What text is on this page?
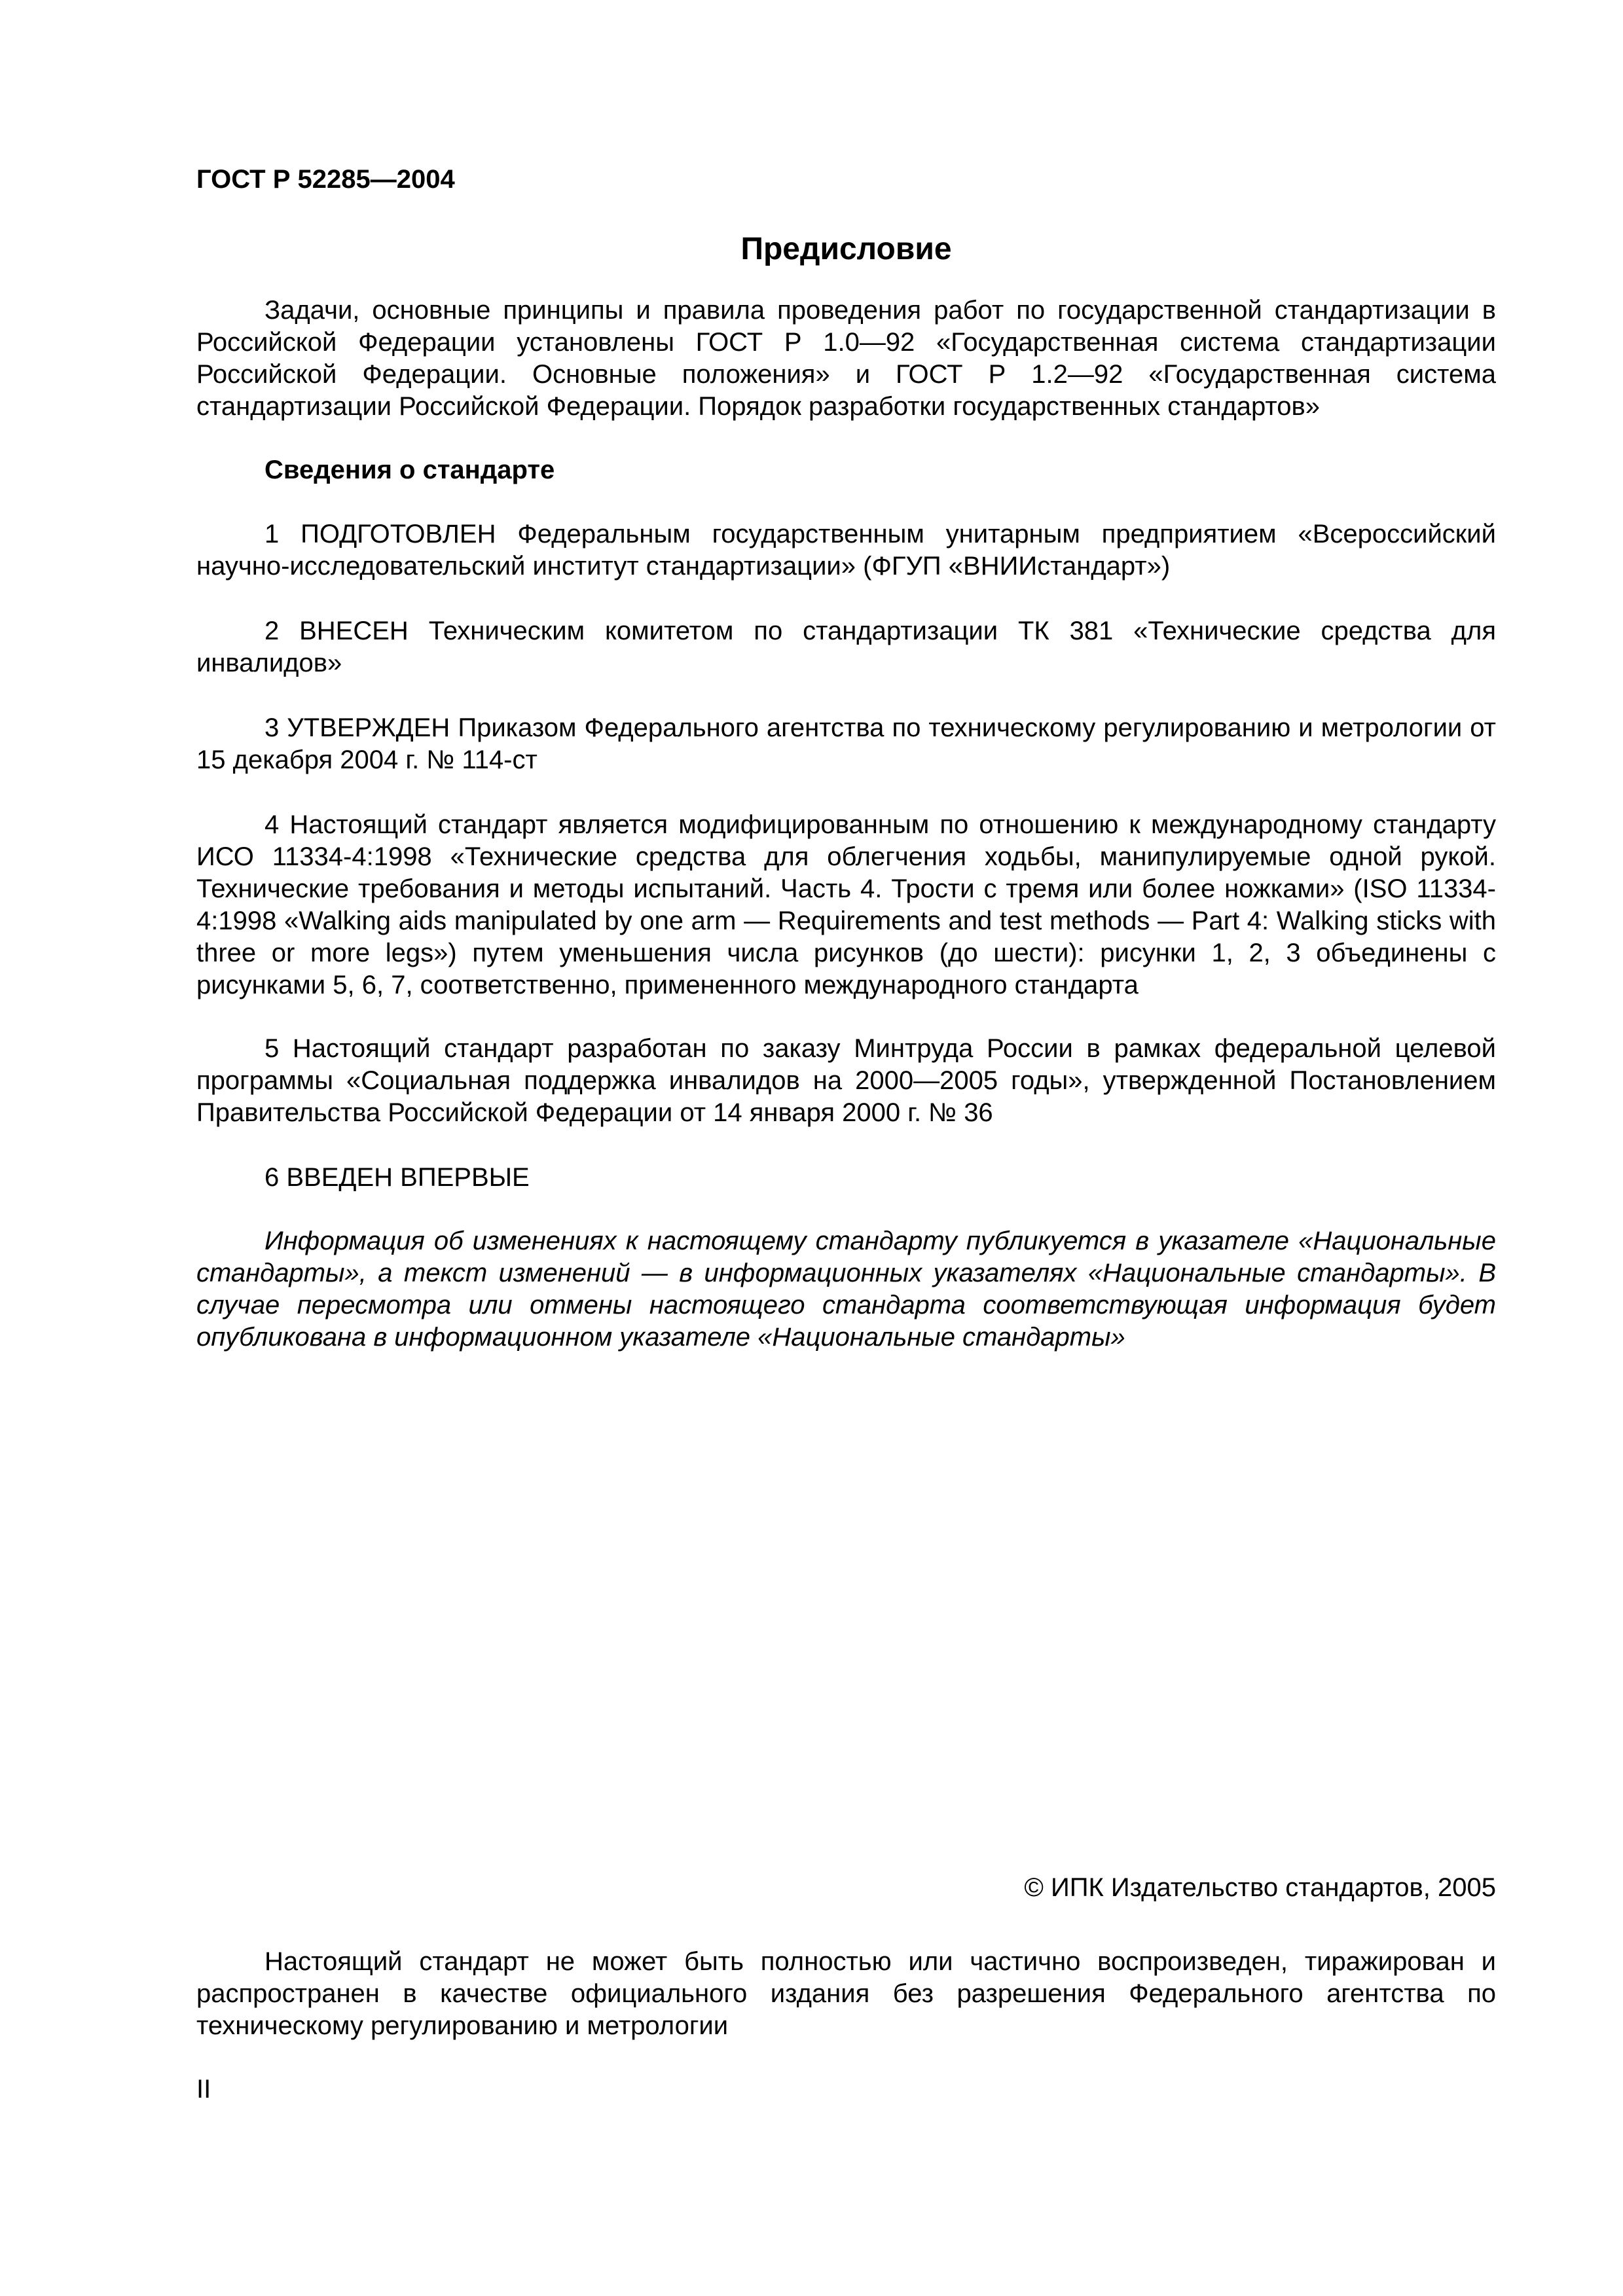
ГОСТ Р 52285—2004
Предисловие

Задачи, основные принципы и правила проведения работ по государственной стандартизации в Российской Федерации установлены ГОСТ Р 1.0—92 «Государственная система стандартизации Российской Федерации. Основные положения» и ГОСТ Р 1.2—92 «Государственная система стандартизации Российской Федерации. Порядок разработки государственных стандартов»

Сведения о стандарте

1 ПОДГОТОВЛЕН Федеральным государственным унитарным предприятием «Всероссийский научно-исследовательский институт стандартизации» (ФГУП «ВНИИстандарт»)

2 ВНЕСЕН Техническим комитетом по стандартизации ТК 381 «Технические средства для инвалидов»

3 УТВЕРЖДЕН Приказом Федерального агентства по техническому регулированию и метрологии от 15 декабря 2004 г. № 114-ст

4 Настоящий стандарт является модифицированным по отношению к международному стандарту ИСО 11334-4:1998 «Технические средства для облегчения ходьбы, манипулируемые одной рукой. Технические требования и методы испытаний. Часть 4. Трости с тремя или более ножками» (ISO 11334-4:1998 «Walking aids manipulated by one arm — Requirements and test methods — Part 4: Walking sticks with three or more legs») путем уменьшения числа рисунков (до шести): рисунки 1, 2, 3 объединены с рисунками 5, 6, 7, соответственно, примененного международного стандарта

5 Настоящий стандарт разработан по заказу Минтруда России в рамках федеральной целевой программы «Социальная поддержка инвалидов на 2000—2005 годы», утвержденной Постановлением Правительства Российской Федерации от 14 января 2000 г. № 36

6 ВВЕДЕН ВПЕРВЫЕ

Информация об изменениях к настоящему стандарту публикуется в указателе «Национальные стандарты», а текст изменений — в информационных указателях «Национальные стандарты». В случае пересмотра или отмены настоящего стандарта соответствующая информация будет опубликована в информационном указателе «Национальные стандарты»

© ИПК Издательство стандартов, 2005

Настоящий стандарт не может быть полностью или частично воспроизведен, тиражирован и распространен в качестве официального издания без разрешения Федерального агентства по техническому регулированию и метрологии

II
